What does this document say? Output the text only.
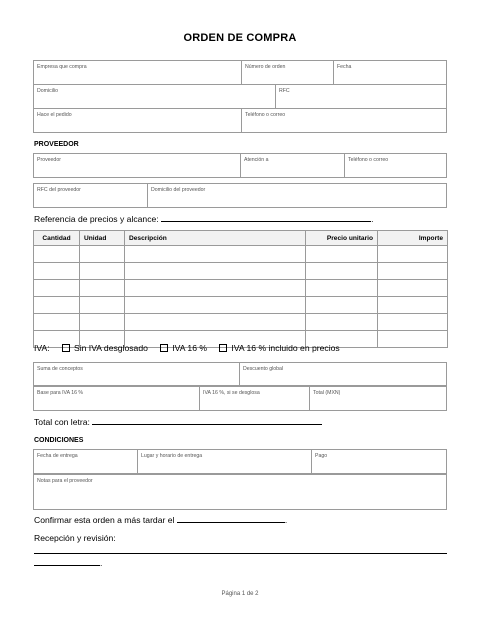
ORDEN DE COMPRA
Empresa que compra	Número de orden	Fecha
Domicilio	RFC
Hace el pedido	Teléfono o correo
PROVEEDOR
Proveedor	Atención a	Teléfono o correo
RFC del proveedor	Domicilio del proveedor
Referencia de precios y alcance:	.
Cantidad	Unidad	Descripción	Precio unitario	Importe

IVA:	Sin IVA desglosado	IVA 16 %	IVA 16 % incluido en precios
Suma de conceptos	Descuento global
Base para IVA 16 %	IVA 16 %, si se desglosa	Total (MXN)
Total con letra:
CONDICIONES
Fecha de entrega	Lugar y horario de entrega	Pago
Notas para el proveedor
Confirmar esta orden a más tardar el	.
Recepción y revisión:
.
Página 1 de 2
